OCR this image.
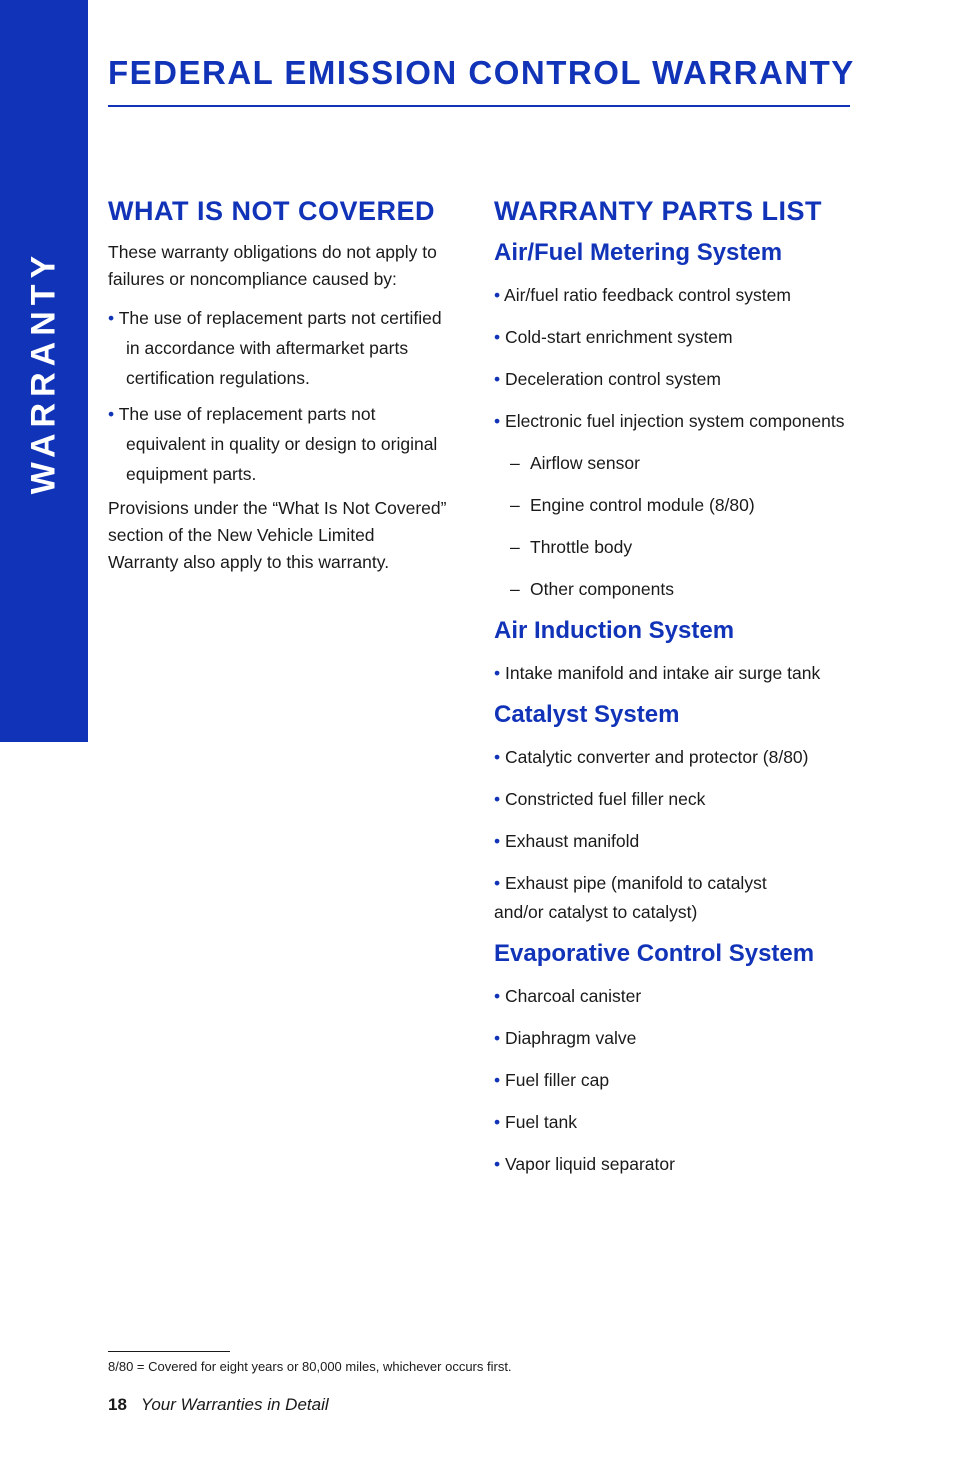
WARRANTY
FEDERAL EMISSION CONTROL WARRANTY
WHAT IS NOT COVERED

These warranty obligations do not apply to failures or noncompliance caused by:

• The use of replacement parts not certified in accordance with aftermarket parts certification regulations.
• The use of replacement parts not equivalent in quality or design to original equipment parts.

Provisions under the “What Is Not Covered” section of the New Vehicle Limited Warranty also apply to this warranty.

WARRANTY PARTS LIST
Air/Fuel Metering System
• Air/fuel ratio feedback control system
• Cold-start enrichment system
• Deceleration control system
• Electronic fuel injection system components
– Airflow sensor
– Engine control module (8/80)
– Throttle body
– Other components
Air Induction System
• Intake manifold and intake air surge tank
Catalyst System
• Catalytic converter and protector (8/80)
• Constricted fuel filler neck
• Exhaust manifold
• Exhaust pipe (manifold to catalyst
and/or catalyst to catalyst)
Evaporative Control System
• Charcoal canister
• Diaphragm valve
• Fuel filler cap
• Fuel tank
• Vapor liquid separator
8/80 = Covered for eight years or 80,000 miles, whichever occurs first.
18 Your Warranties in Detail
